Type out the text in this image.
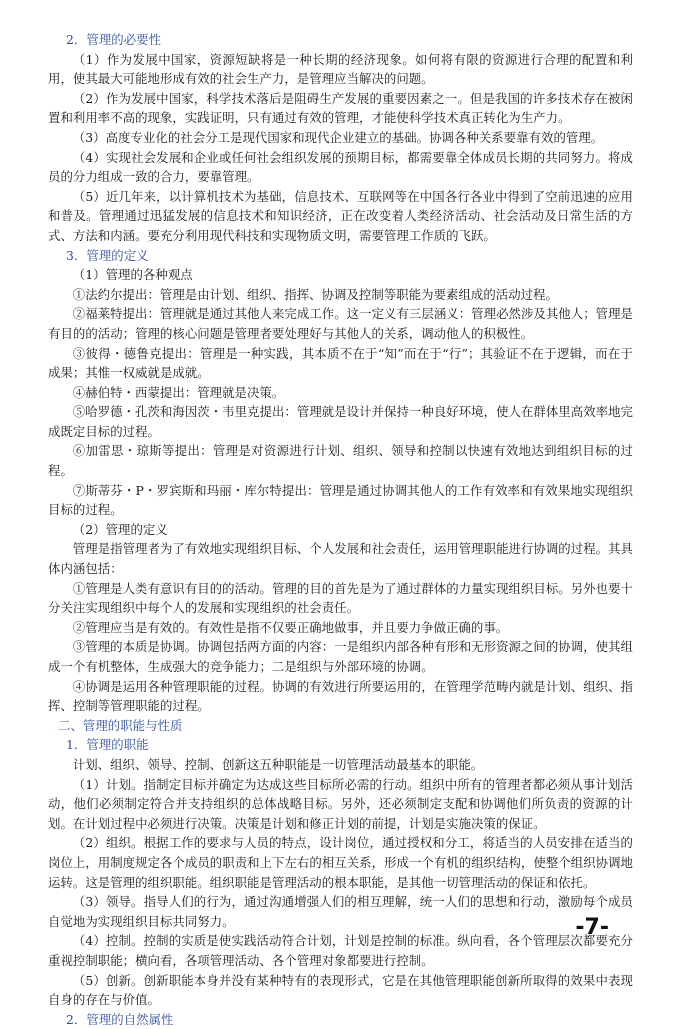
2．管理的必要性

（1）作为发展中国家，资源短缺将是一种长期的经济现象。如何将有限的资源进行合理的配置和利用，使其最大可能地形成有效的社会生产力，是管理应当解决的问题。

（2）作为发展中国家，科学技术落后是阻碍生产发展的重要因素之一。但是我国的许多技术存在被闲置和利用率不高的现象，实践证明，只有通过有效的管理，才能使科学技术真正转化为生产力。

（3）高度专业化的社会分工是现代国家和现代企业建立的基础。协调各种关系要靠有效的管理。

（4）实现社会发展和企业或任何社会组织发展的预期目标，都需要靠全体成员长期的共同努力。将成员的分力组成一致的合力，要靠管理。

（5）近几年来，以计算机技术为基础，信息技术、互联网等在中国各行各业中得到了空前迅速的应用和普及。管理通过迅猛发展的信息技术和知识经济，正在改变着人类经济活动、社会活动及日常生活的方式、方法和内涵。要充分利用现代科技和实现物质文明，需要管理工作质的飞跃。

3．管理的定义

（1）管理的各种观点

①法约尔提出：管理是由计划、组织、指挥、协调及控制等职能为要素组成的活动过程。

②福莱特提出：管理就是通过其他人来完成工作。这一定义有三层涵义：管理必然涉及其他人；管理是有目的的活动；管理的核心问题是管理者要处理好与其他人的关系，调动他人的积极性。

③彼得・德鲁克提出：管理是一种实践，其本质不在于“知”而在于“行”；其验证不在于逻辑，而在于成果；其惟一权威就是成就。

④赫伯特・西蒙提出：管理就是决策。

⑤哈罗德・孔茨和海因茨・韦里克提出：管理就是设计并保持一种良好环境，使人在群体里高效率地完成既定目标的过程。

⑥加雷思・琼斯等提出：管理是对资源进行计划、组织、领导和控制以快速有效地达到组织目标的过程。

⑦斯蒂芬・P・罗宾斯和玛丽・库尔特提出：管理是通过协调其他人的工作有效率和有效果地实现组织目标的过程。

（2）管理的定义

管理是指管理者为了有效地实现组织目标、个人发展和社会责任，运用管理职能进行协调的过程。其具体内涵包括：

①管理是人类有意识有目的的活动。管理的目的首先是为了通过群体的力量实现组织目标。另外也要十分关注实现组织中每个人的发展和实现组织的社会责任。

②管理应当是有效的。有效性是指不仅要正确地做事，并且要力争做正确的事。

③管理的本质是协调。协调包括两方面的内容：一是组织内部各种有形和无形资源之间的协调，使其组成一个有机整体，生成强大的竞争能力；二是组织与外部环境的协调。

④协调是运用各种管理职能的过程。协调的有效进行所要运用的，在管理学范畴内就是计划、组织、指挥、控制等管理职能的过程。

二、管理的职能与性质

1．管理的职能

计划、组织、领导、控制、创新这五种职能是一切管理活动最基本的职能。

（1）计划。指制定目标并确定为达成这些目标所必需的行动。组织中所有的管理者都必须从事计划活动，他们必须制定符合并支持组织的总体战略目标。另外，还必须制定支配和协调他们所负责的资源的计划。在计划过程中必须进行决策。决策是计划和修正计划的前提，计划是实施决策的保证。

（2）组织。根据工作的要求与人员的特点，设计岗位，通过授权和分工，将适当的人员安排在适当的岗位上，用制度规定各个成员的职责和上下左右的相互关系，形成一个有机的组织结构，使整个组织协调地运转。这是管理的组织职能。组织职能是管理活动的根本职能，是其他一切管理活动的保证和依托。

（3）领导。指导人们的行为，通过沟通增强人们的相互理解，统一人们的思想和行动，激励每个成员自觉地为实现组织目标共同努力。

（4）控制。控制的实质是使实践活动符合计划，计划是控制的标准。纵向看，各个管理层次都要充分重视控制职能；横向看，各项管理活动、各个管理对象都要进行控制。

（5）创新。创新职能本身并没有某种特有的表现形式，它是在其他管理职能创新所取得的效果中表现自身的存在与价值。

2．管理的自然属性

-7-
